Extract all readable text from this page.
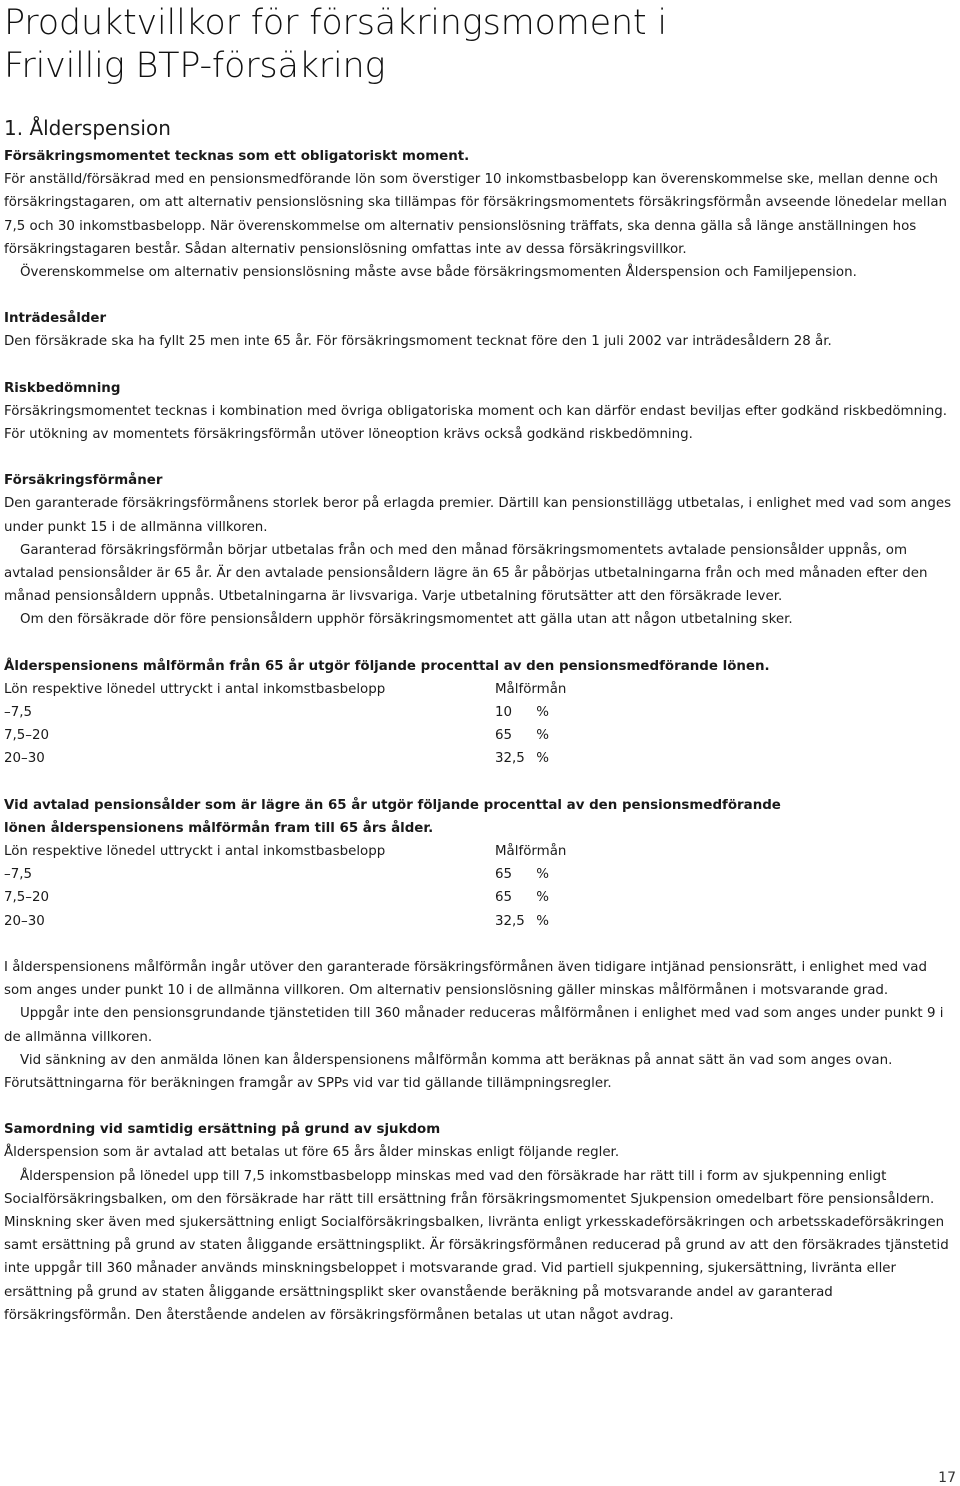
Produktvillkor för försäkringsmoment i
Frivillig BTP-försäkring
1. Ålderspension

Försäkringsmomentet tecknas som ett obligatoriskt moment.

För anställd/försäkrad med en pensionsmedförande lön som överstiger 10 inkomstbasbelopp kan överenskommelse ske, mellan denne och försäkringstagaren, om att alternativ pensionslösning ska tillämpas för försäkringsmomentets försäkringsförmån avseende lönedelar mellan 7,5 och 30 inkomstbasbelopp. När överenskommelse om alternativ pensionslösning träffats, ska denna gälla så länge anställningen hos försäkringstagaren består. Sådan alternativ pensionslösning omfattas inte av dessa försäkringsvillkor.

Överenskommelse om alternativ pensionslösning måste avse både försäkringsmomenten Ålderspension och Familjepension.

Inträdesålder

Den försäkrade ska ha fyllt 25 men inte 65 år. För försäkringsmoment tecknat före den 1 juli 2002 var inträdesåldern 28 år.

Riskbedömning

Försäkringsmomentet tecknas i kombination med övriga obligatoriska moment och kan därför endast beviljas efter godkänd riskbedömning. För utökning av momentets försäkringsförmån utöver löneoption krävs också godkänd riskbedömning.

Försäkringsförmåner

Den garanterade försäkringsförmånens storlek beror på erlagda premier. Därtill kan pensionstillägg utbetalas, i enlighet med vad som anges under punkt 15 i de allmänna villkoren.

Garanterad försäkringsförmån börjar utbetalas från och med den månad försäkringsmomentets avtalade pensionsålder uppnås, om avtalad pensionsålder är 65 år. Är den avtalade pensionsåldern lägre än 65 år påbörjas utbetalningarna från och med månaden efter den månad pensionsåldern uppnås. Utbetalningarna är livsvariga. Varje utbetalning förutsätter att den försäkrade lever.

Om den försäkrade dör före pensionsåldern upphör försäkringsmomentet att gälla utan att någon utbetalning sker.

Ålderspensionens målförmån från 65 år utgör följande procenttal av den pensionsmedförande lönen.

Lön respektive lönedel uttryckt i antal inkomstbasbelopp	Målförmån	
–7,5	10	%
7,5–20	65	%
20–30	32,5	%

Vid avtalad pensionsålder som är lägre än 65 år utgör följande procenttal av den pensionsmedförande

lönen ålderspensionens målförmån fram till 65 års ålder.

Lön respektive lönedel uttryckt i antal inkomstbasbelopp	Målförmån	
–7,5	65	%
7,5–20	65	%
20–30	32,5	%

I ålderspensionens målförmån ingår utöver den garanterade försäkringsförmånen även tidigare intjänad pensionsrätt, i enlighet med vad som anges under punkt 10 i de allmänna villkoren. Om alternativ pensionslösning gäller minskas målförmånen i motsvarande grad.

Uppgår inte den pensionsgrundande tjänstetiden till 360 månader reduceras målförmånen i enlighet med vad som anges under punkt 9 i de allmänna villkoren.

Vid sänkning av den anmälda lönen kan ålderspensionens målförmån komma att beräknas på annat sätt än vad som anges ovan. Förutsättningarna för beräkningen framgår av SPPs vid var tid gällande tillämpningsregler.

Samordning vid samtidig ersättning på grund av sjukdom

Ålderspension som är avtalad att betalas ut före 65 års ålder minskas enligt följande regler.

Ålderspension på lönedel upp till 7,5 inkomstbasbelopp minskas med vad den försäkrade har rätt till i form av sjukpenning enligt Socialförsäkringsbalken, om den försäkrade har rätt till ersättning från försäkringsmomentet Sjukpension omedelbart före pensionsåldern. Minskning sker även med sjukersättning enligt Socialförsäkringsbalken, livränta enligt yrkesskadeförsäkringen och arbetsskadeförsäkringen samt ersättning på grund av staten åliggande ersättningsplikt. Är försäkringsförmånen reducerad på grund av att den försäkrades tjänstetid inte uppgår till 360 månader används minskningsbeloppet i motsvarande grad. Vid partiell sjukpenning, sjukersättning, livränta eller ersättning på grund av staten åliggande ersättningsplikt sker ovanstående beräkning på motsvarande andel av garanterad försäkringsförmån. Den återstående andelen av försäkringsförmånen betalas ut utan något avdrag.

17
